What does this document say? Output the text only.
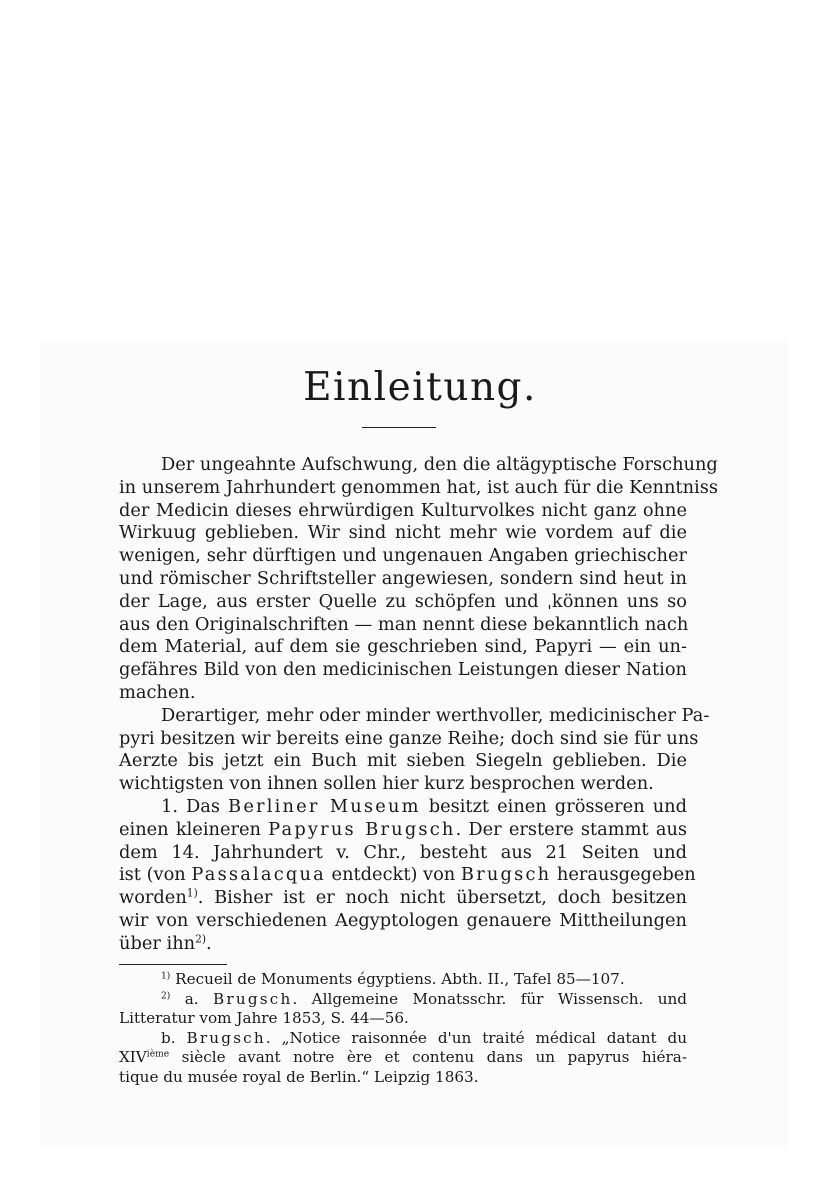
Einleitung.
Der ungeahnte Aufschwung, den die altägyptische Forschung
in unserem Jahrhundert genommen hat, ist auch für die Kenntniss
der Medicin dieses ehrwürdigen Kulturvolkes nicht ganz ohne
Wirkuug geblieben. Wir sind nicht mehr wie vordem auf die
wenigen, sehr dürftigen und ungenauen Angaben griechischer
und römischer Schriftsteller angewiesen, sondern sind heut in
der Lage, aus erster Quelle zu schöpfen und ˌkönnen uns so
aus den Originalschriften — man nennt diese bekanntlich nach
dem Material, auf dem sie geschrieben sind, Papyri — ein un-
gefähres Bild von den medicinischen Leistungen dieser Nation
machen.
Derartiger, mehr oder minder werthvoller, medicinischer Pa-
pyri besitzen wir bereits eine ganze Reihe; doch sind sie für uns
Aerzte bis jetzt ein Buch mit sieben Siegeln geblieben. Die
wichtigsten von ihnen sollen hier kurz besprochen werden.
1. Das Berliner Museum besitzt einen grösseren und
einen kleineren Papyrus Brugsch. Der erstere stammt aus
dem 14. Jahrhundert v. Chr., besteht aus 21 Seiten und
ist (von Passalacqua entdeckt) von Brugsch herausgegeben
worden$^{1)}$. Bisher ist er noch nicht übersetzt, doch besitzen
wir von verschiedenen Aegyptologen genauere Mittheilungen
über ihn$^{2)}$.
$^{1)}$ Recueil de Monuments égyptiens. Abth. II., Tafel 85—107.
$^{2)}$ a. Brugsch. Allgemeine Monatsschr. für Wissensch. und
Litteratur vom Jahre 1853, S. 44—56.
b. Brugsch. „Notice raisonnée d'un traité médical datant du
XIVième siècle avant notre ère et contenu dans un papyrus hiéra-
tique du musée royal de Berlin.“ Leipzig 1863.
